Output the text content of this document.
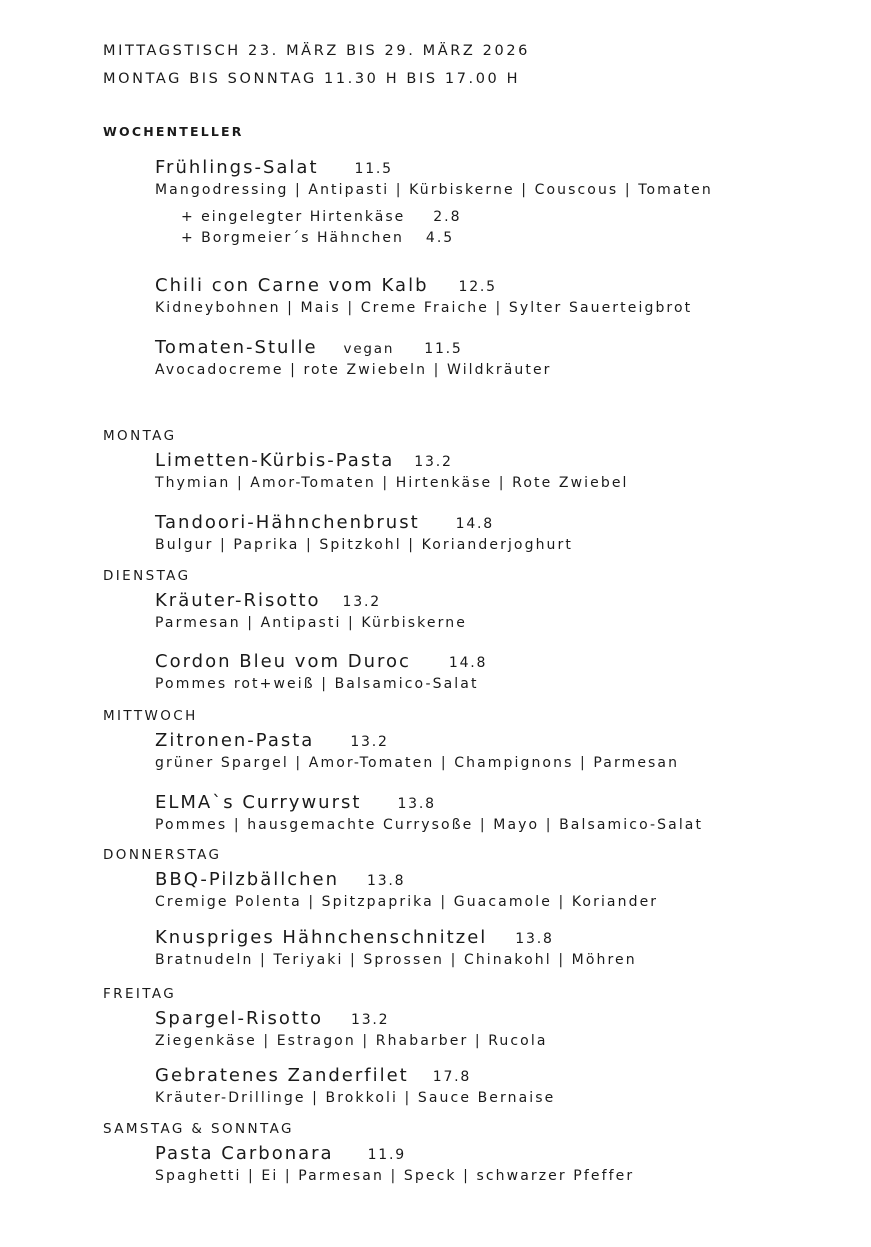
MITTAGSTISCH 23. MÄRZ BIS 29. MÄRZ 2026
MONTAG BIS SONNTAG 11.30 H BIS 17.00 H
WOCHENTELLER
Frühlings-Salat	11.5
Mangodressing | Antipasti | Kürbiskerne | Couscous | Tomaten
+ eingelegter Hirtenkäse 2.8
+ Borgmeier´s Hähnchen 4.5
Chili con Carne vom Kalb 12.5
Kidneybohnen | Mais | Creme Fraiche | Sylter Sauerteigbrot
Tomaten-Stulle vegan 11.5
Avocadocreme | rote Zwiebeln | Wildkräuter
MONTAG
Limetten-Kürbis-Pasta 13.2
Thymian | Amor-Tomaten | Hirtenkäse | Rote Zwiebel
Tandoori-Hähnchenbrust	14.8
Bulgur | Paprika | Spitzkohl | Korianderjoghurt
DIENSTAG
Kräuter-Risotto 13.2
Parmesan | Antipasti | Kürbiskerne
Cordon Bleu vom Duroc	14.8
Pommes rot+weiß | Balsamico-Salat
MITTWOCH
Zitronen-Pasta	13.2
grüner Spargel | Amor-Tomaten | Champignons | Parmesan
ELMA`s Currywurst	13.8
Pommes | hausgemachte Currysoße | Mayo | Balsamico-Salat
DONNERSTAG
BBQ-Pilzbällchen 13.8
Cremige Polenta | Spitzpaprika | Guacamole | Koriander
Knuspriges Hähnchenschnitzel 13.8
Bratnudeln | Teriyaki | Sprossen | Chinakohl | Möhren
FREITAG
Spargel-Risotto 13.2
Ziegenkäse | Estragon | Rhabarber | Rucola
Gebratenes Zanderfilet 17.8
Kräuter-Drillinge | Brokkoli | Sauce Bernaise
SAMSTAG & SONNTAG
Pasta Carbonara 11.9
Spaghetti | Ei | Parmesan | Speck | schwarzer Pfeffer
